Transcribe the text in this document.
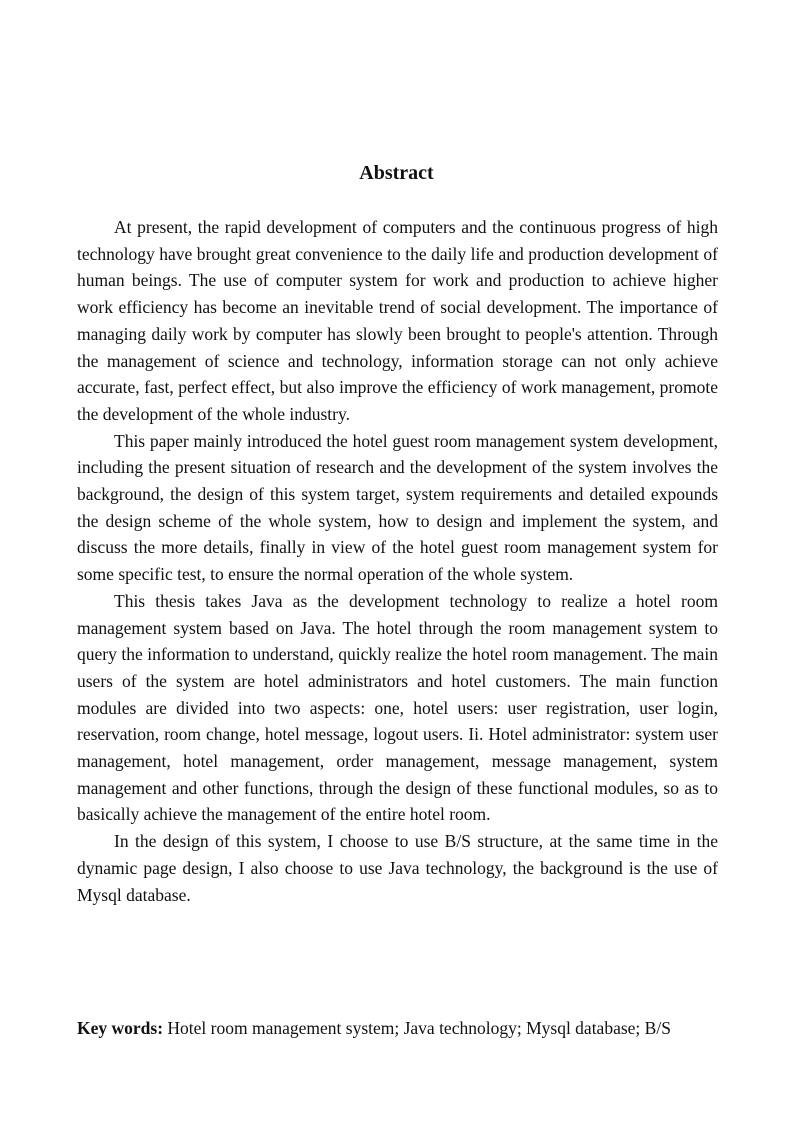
Abstract

At present, the rapid development of computers and the continuous progress of high technology have brought great convenience to the daily life and production development of human beings. The use of computer system for work and production to achieve higher work efficiency has become an inevitable trend of social development. The importance of managing daily work by computer has slowly been brought to people's attention. Through the management of science and technology, information storage can not only achieve accurate, fast, perfect effect, but also improve the efficiency of work management, promote the development of the whole industry.

This paper mainly introduced the hotel guest room management system development, including the present situation of research and the development of the system involves the background, the design of this system target, system requirements and detailed expounds the design scheme of the whole system, how to design and implement the system, and discuss the more details, finally in view of the hotel guest room management system for some specific test, to ensure the normal operation of the whole system.

This thesis takes Java as the development technology to realize a hotel room management system based on Java. The hotel through the room management system to query the information to understand, quickly realize the hotel room management. The main users of the system are hotel administrators and hotel customers. The main function modules are divided into two aspects: one, hotel users: user registration, user login, reservation, room change, hotel message, logout users. Ii. Hotel administrator: system user management, hotel management, order management, message management, system management and other functions, through the design of these functional modules, so as to basically achieve the management of the entire hotel room.

In the design of this system, I choose to use B/S structure, at the same time in the dynamic page design, I also choose to use Java technology, the background is the use of Mysql database.

Key words: Hotel room management system; Java technology; Mysql database; B/S
